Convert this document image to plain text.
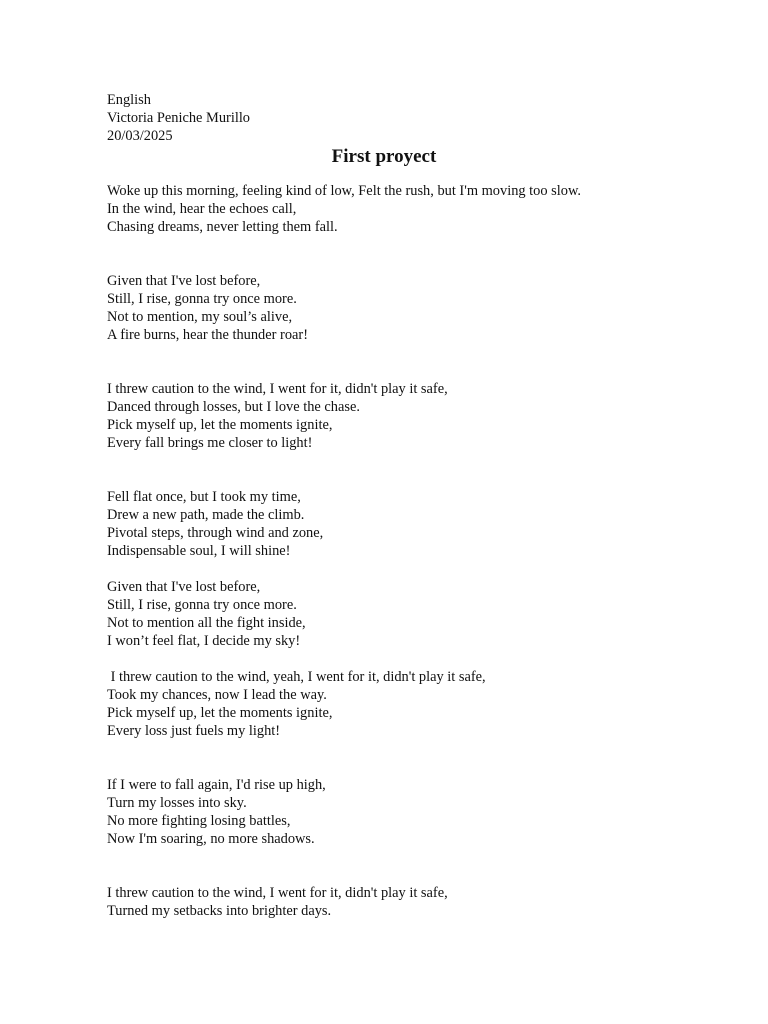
English
Victoria Peniche Murillo
20/03/2025
First proyect
Woke up this morning, feeling kind of low, Felt the rush, but I'm moving too slow.
In the wind, hear the echoes call,
Chasing dreams, never letting them fall.
Given that I've lost before,
Still, I rise, gonna try once more.
Not to mention, my soul’s alive,
A fire burns, hear the thunder roar!
I threw caution to the wind, I went for it, didn't play it safe,
Danced through losses, but I love the chase.
Pick myself up, let the moments ignite,
Every fall brings me closer to light!
Fell flat once, but I took my time,
Drew a new path, made the climb.
Pivotal steps, through wind and zone,
Indispensable soul, I will shine!
Given that I've lost before,
Still, I rise, gonna try once more.
Not to mention all the fight inside,
I won’t feel flat, I decide my sky!
I threw caution to the wind, yeah, I went for it, didn't play it safe,
Took my chances, now I lead the way.
Pick myself up, let the moments ignite,
Every loss just fuels my light!
If I were to fall again, I'd rise up high,
Turn my losses into sky.
No more fighting losing battles,
Now I'm soaring, no more shadows.
I threw caution to the wind, I went for it, didn't play it safe,
Turned my setbacks into brighter days.
